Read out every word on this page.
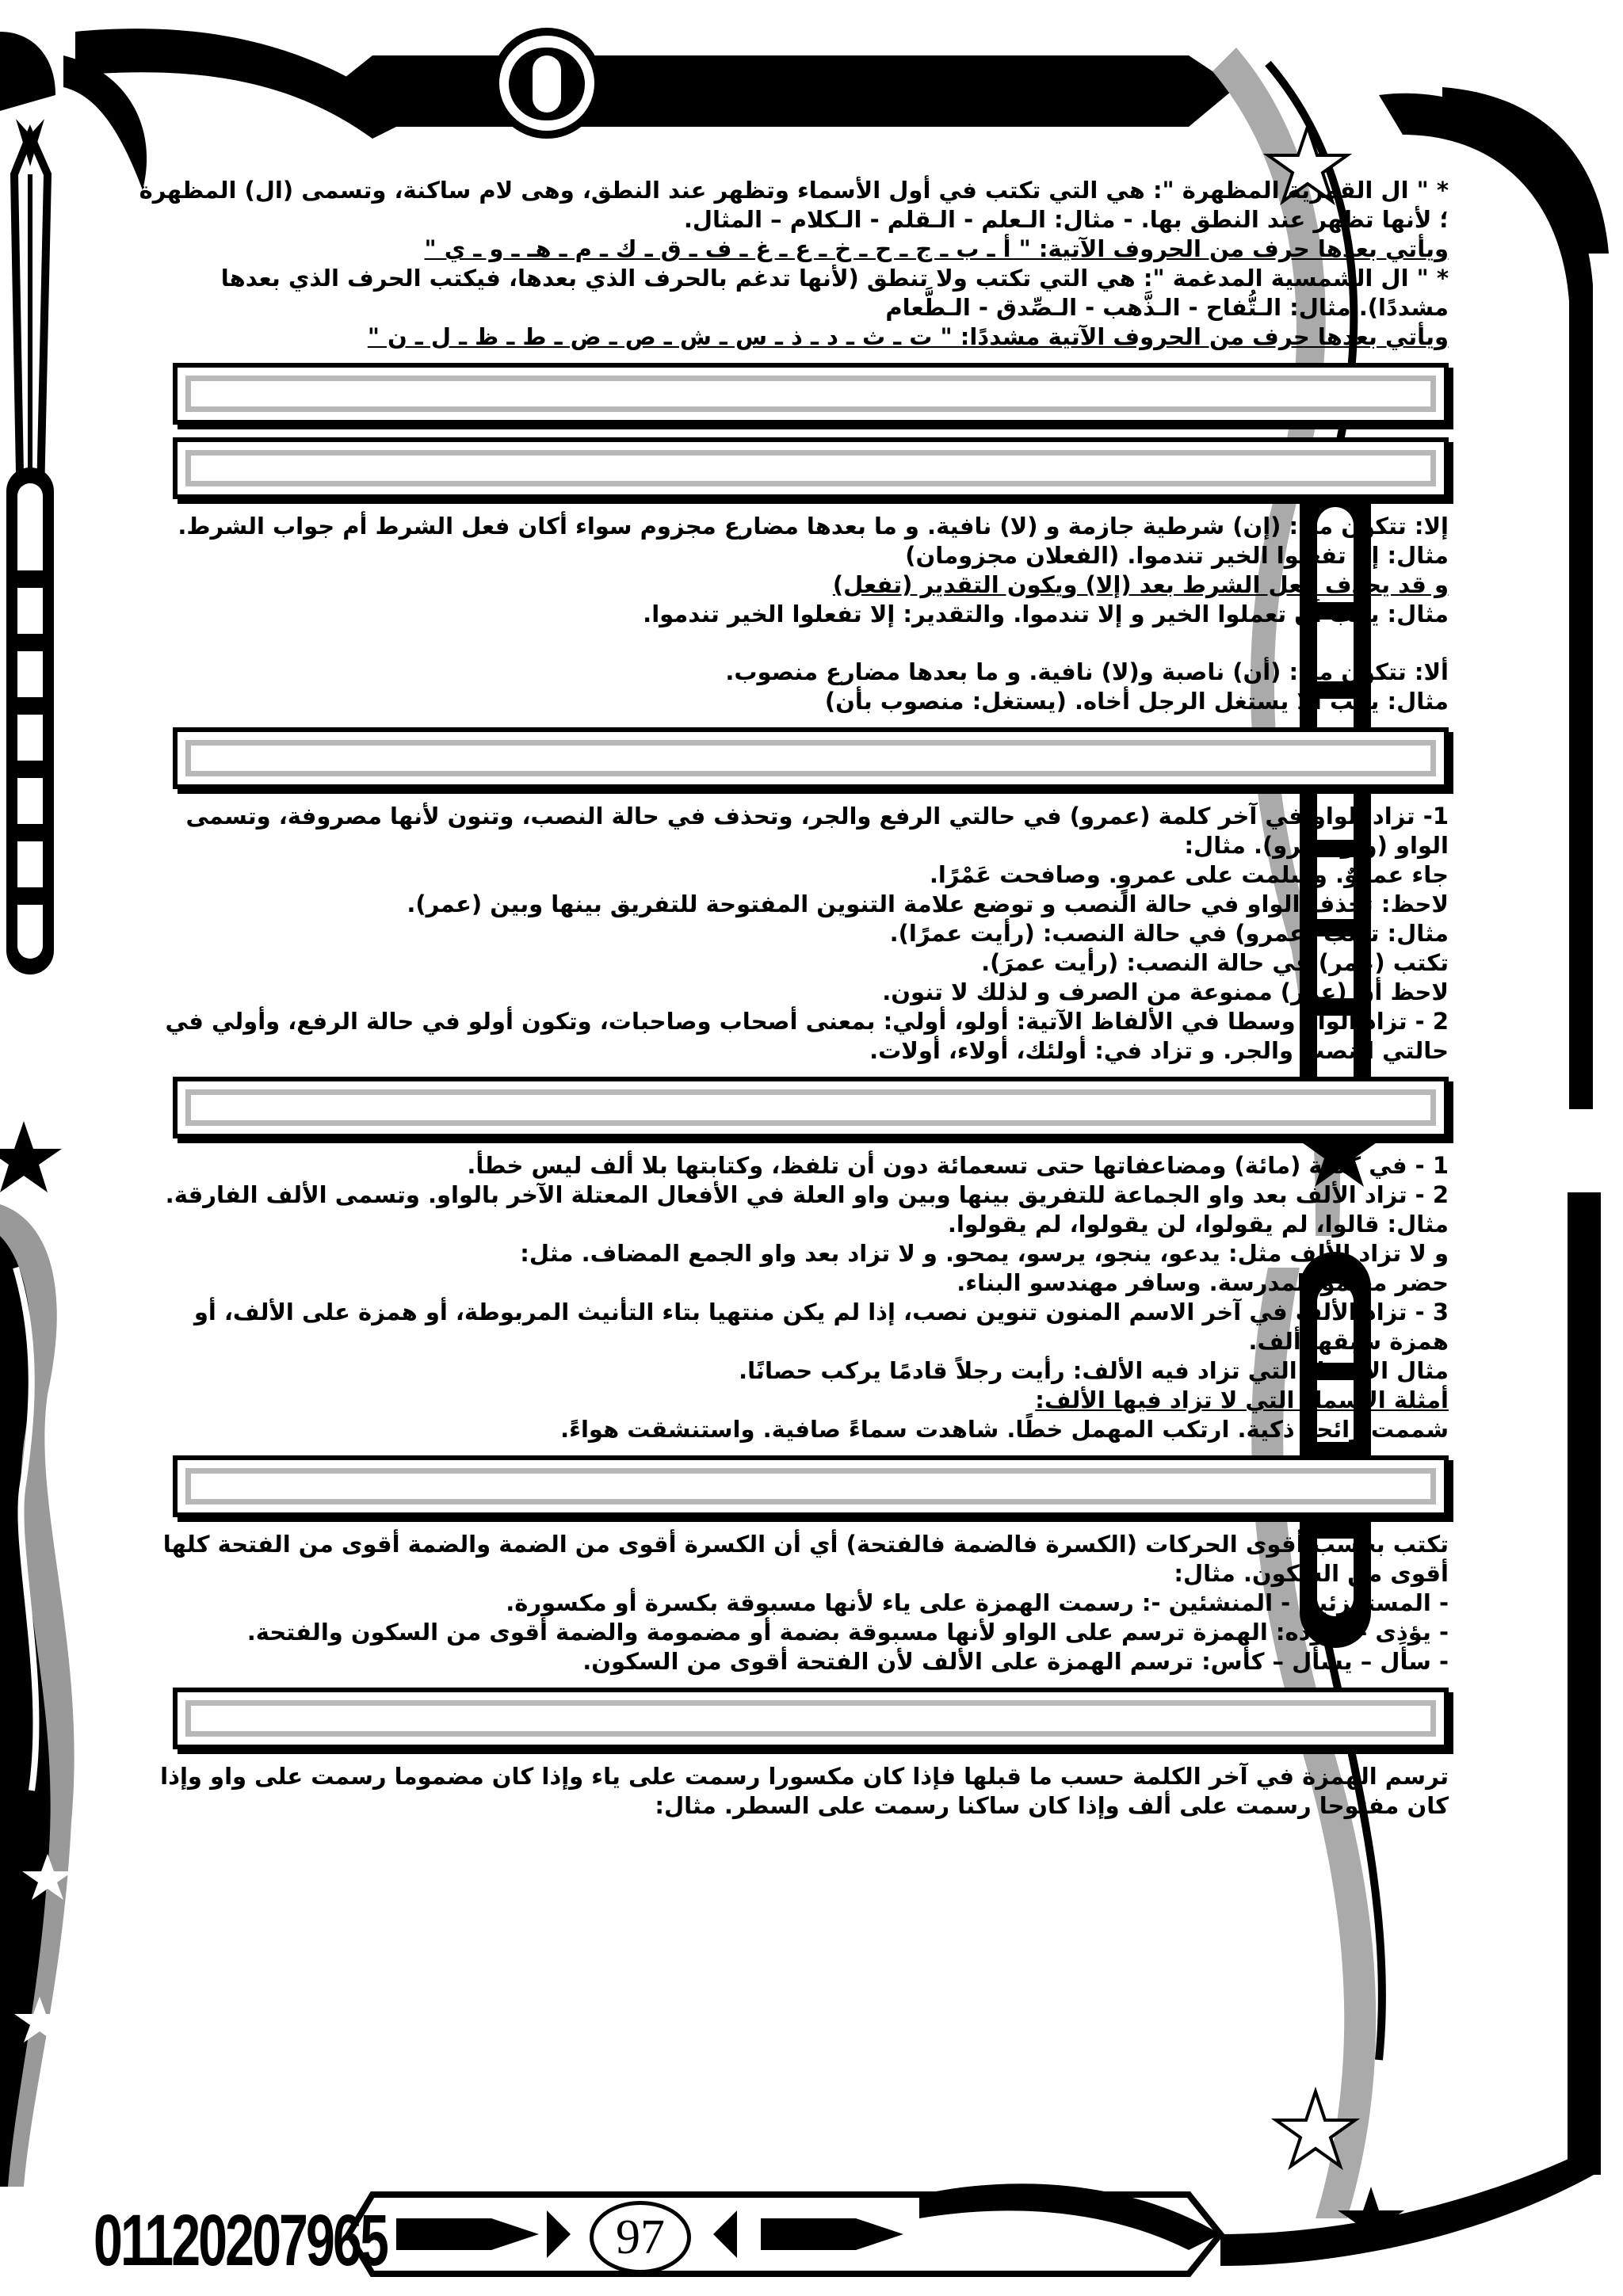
* " ال القمرية المظهرة ": هي التي تكتب في أول الأسماء وتظهر عند النطق، وهى لام ساكنة، وتسمى (ال) المظهرة

؛ لأنها تظهر عند النطق بها. - مثال: الـعلم - الـقلم - الـكلام – المثال.

ويأتي بعدها حرف من الحروف الآتية: " أ ـ ب ـ ج ـ ح ـ خ ـ ع ـ غ ـ ف ـ ق ـ ك ـ م ـ هـ ـ و ـ ي "

* " ال الشمسية المدغمة ": هي التي تكتب ولا تنطق (لأنها تدغم بالحرف الذي بعدها، فيكتب الحرف الذي بعدها

مشددًا). مثال: الـتُّفاح - الـذَّهب - الـصِّدق - الـطَّعام

ويأتي بعدها حرف من الحروف الآتية مشددًا: " ت ـ ث ـ د ـ ذ ـ س ـ ش ـ ص ـ ض ـ ط ـ ظ ـ ل ـ ن "

إلا: تتكون من: (إن) شرطية جازمة و (لا) نافية. و ما بعدها مضارع مجزوم سواء أكان فعل الشرط أم جواب الشرط.

مثال: إلا تفعلوا الخير تندموا. (الفعلان مجزومان)

و قد يحذف فعل الشرط بعد (إلا) ويكون التقدير (تفعل)

مثال: يجب أن تعملوا الخير و إلا تندموا. والتقدير: إلا تفعلوا الخير تندموا.

ألا: تتكون من: (أن) ناصبة و(لا) نافية. و ما بعدها مضارع منصوب.

مثال: يجب ألا يستغل الرجل أخاه. (يستغل: منصوب بأن)

1- تزاد الواو في آخر كلمة (عمرو) في حالتي الرفع والجر، وتحذف في حالة النصب، وتنون لأنها مصروفة، وتسمى

الواو (واو عمرو). مثال:

جاء عمروٌ. وسلمت على عمروٍ. وصافحت عَمْرًا.

لاحظ: تحذف الواو في حالة النصب و توضع علامة التنوين المفتوحة للتفريق بينها وبين (عمر).

مثال: تكتب (عمرو) في حالة النصب: (رأيت عمرًا).

تكتب (عمر) في حالة النصب: (رأيت عمرَ).

لاحظ أن (عمر) ممنوعة من الصرف و لذلك لا تنون.

2 - تزاد الواو وسطا في الألفاظ الآتية: أولو، أولي: بمعنى أصحاب وصاحبات، وتكون أولو في حالة الرفع، وأولي في

حالتي النصب والجر. و تزاد في: أولئك، أولاء، أولات.

1 - في كلمة (مائة) ومضاعفاتها حتى تسعمائة دون أن تلفظ، وكتابتها بلا ألف ليس خطأ.

2 - تزاد الألف بعد واو الجماعة للتفريق بينها وبين واو العلة في الأفعال المعتلة الآخر بالواو. وتسمى الألف الفارقة.

مثال: قالوا، لم يقولوا، لن يقولوا، لم يقولوا.

و لا تزاد الألف مثل: يدعو، ينجو، يرسو، يمحو. و لا تزاد بعد واو الجمع المضاف. مثل:

حضر معلمو المدرسة. وسافر مهندسو البناء.

3 - تزاد الألف في آخر الاسم المنون تنوين نصب، إذا لم يكن منتهيا بتاء التأنيث المربوطة، أو همزة على الألف، أو

همزة سبقها ألف.

مثال الأسماء التي تزاد فيه الألف: رأيت رجلاً قادمًا يركب حصانًا.

أمثلة الأسماء التي لا تزاد فيها الألف:

شممت رائحة ذكية. ارتكب المهمل خطًا. شاهدت سماءً صافية. واستنشقت هواءً.

تكتب بحسب أقوى الحركات (الكسرة فالضمة فالفتحة) أي أن الكسرة أقوى من الضمة والضمة أقوى من الفتحة كلها

أقوى من السكون. مثال:

- المستهزئين - المنشئين -: رسمت الهمزة على ياء لأنها مسبوقة بكسرة أو مكسورة.

- يؤذِى – يُؤوده: الهمزة ترسم على الواو لأنها مسبوقة بضمة أو مضمومة والضمة أقوى من السكون والفتحة.

- سأل – يسأل – كأس: ترسم الهمزة على الألف لأن الفتحة أقوى من السكون.

ترسم الهمزة في آخر الكلمة حسب ما قبلها فإذا كان مكسورا رسمت على ياء وإذا كان مضموما رسمت على واو وإذا

كان مفتوحا رسمت على ألف وإذا كان ساكنا رسمت على السطر. مثال:

01120207965	97
